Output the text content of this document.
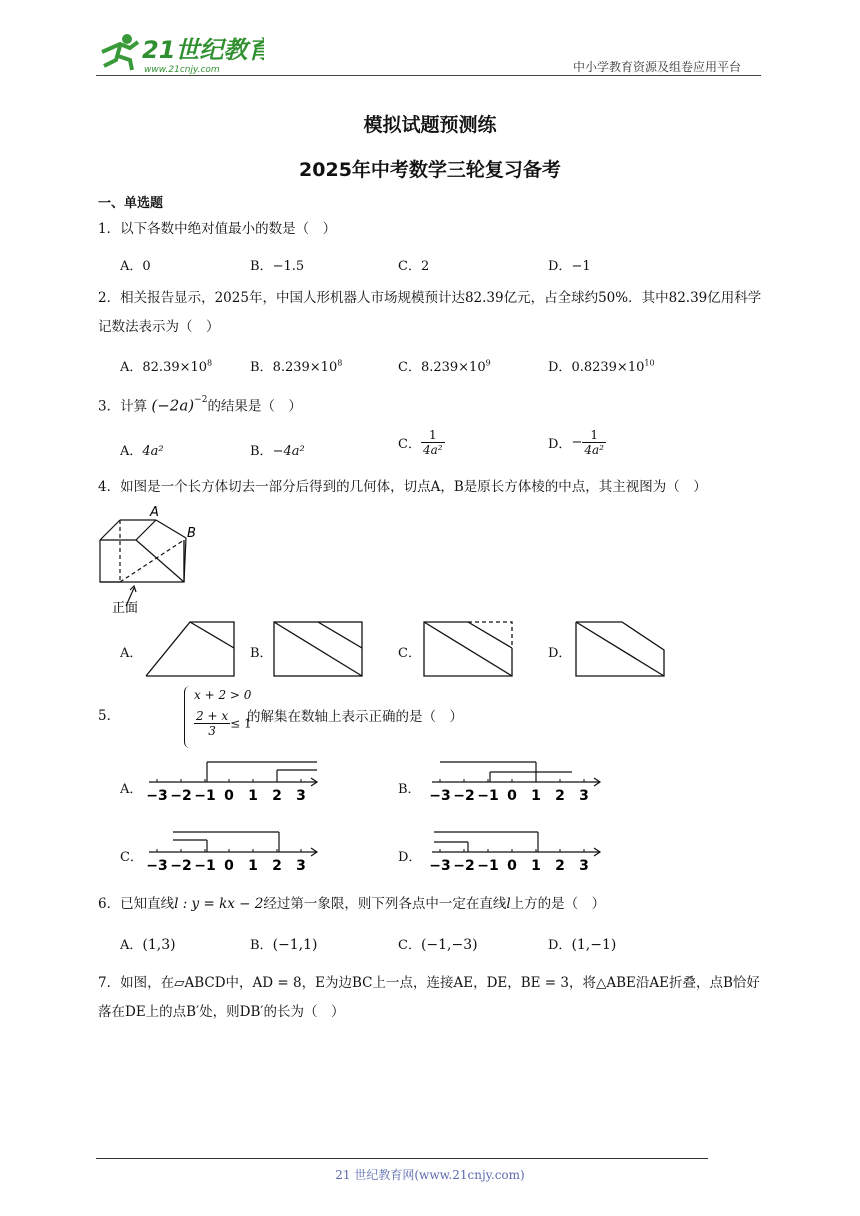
21世纪教育
www.21cnjy.com	中小学教育资源及组卷应用平台
模拟试题预测练
2025年中考数学三轮复习备考
一、单选题
1．以下各数中绝对值最小的数是（　）
A．0	B．−1.5	C．2	D．−1
2．相关报告显示，2025年，中国人形机器人市场规模预计达82.39亿元，占全球约50%．其中82.39亿用科学记数法表示为（　）
A．$82.39\times 10^8$	B．$8.239\times 10^8$	C．$8.239\times 10^9$	D．$0.8239\times 10^{10}$
3．计算 $(-2a)^{-2}$的结果是（　）
A．4a²	B．−4a²	C． $\frac{1}{\text{4a²}}$	D．− $\frac{1}{\text{4a²}}$
4．如图是一个长方体切去一部分后得到的几何体，切点A，B是原长方体棱的中点，其主视图为（　）
A
B
正面
A．	B．	C．	D．
5．
x + 2 > 0
$\frac{2 + x}{3} \le 1$
的解集在数轴上表示正确的是（　）
A． −3 −2 −1 0 1 2 3	B． −3 −2 −1 0 1 2 3
C．
−3 −2 −1 0 1 2 3
D．
−3 −2 −1 0 1 2 3
6．已知直线l : y = kx − 2经过第一象限，则下列各点中一定在直线l上方的是（　）
A．(1,3)	B．(−1,1)	C．(−1,−3)	D．(1,−1)
7．如图，在▱ABCD中，AD = 8，E为边BC上一点，连接AE，DE，BE = 3，将△ABE沿AE折叠，点B恰好落在DE上的点B′处，则DB′的长为（　）
21 世纪教育网(www.21cnjy.com)
